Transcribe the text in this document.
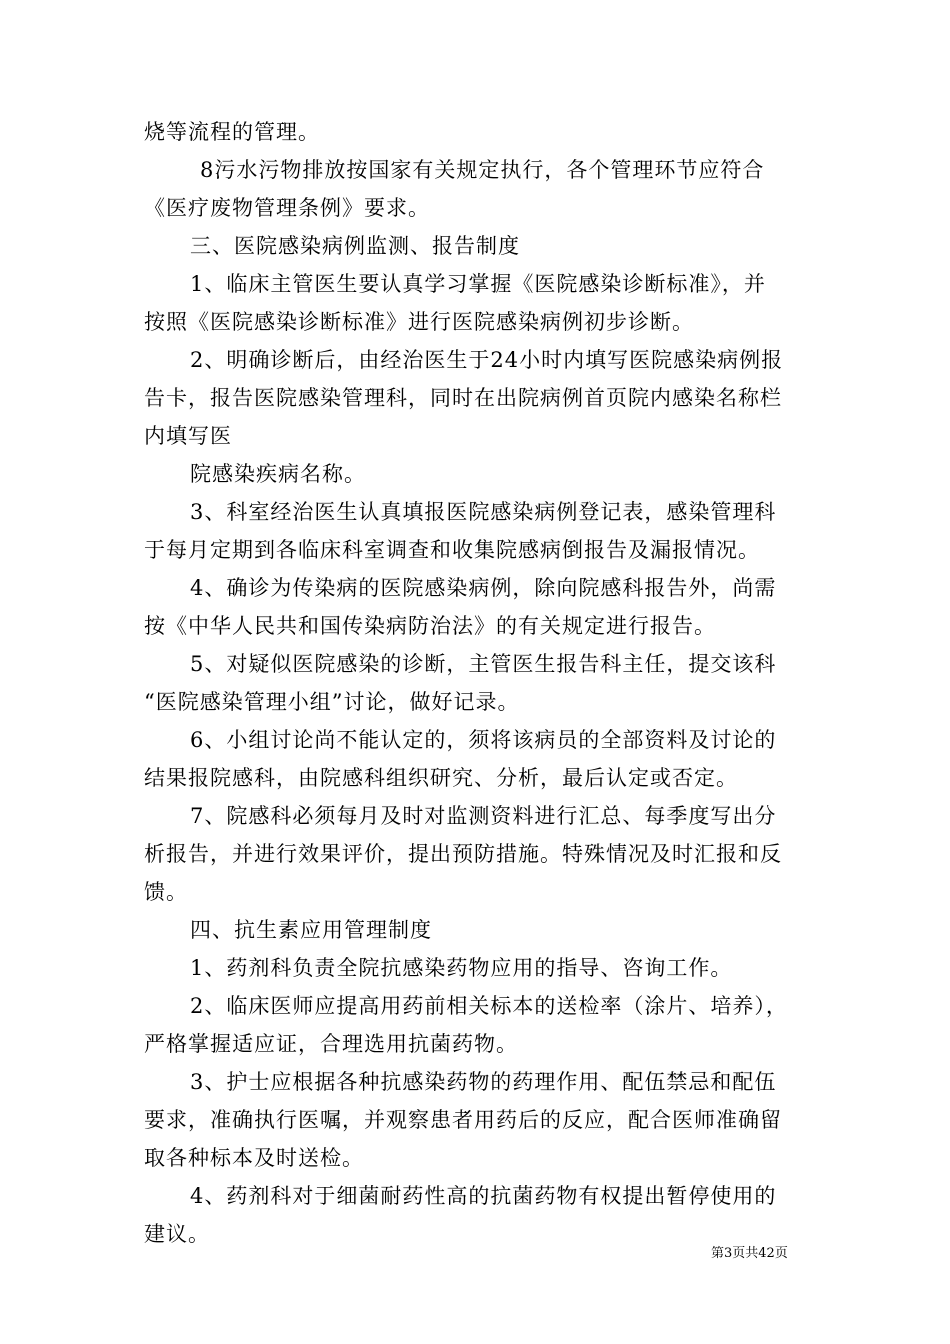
烧等流程的管理。
8污水污物排放按国家有关规定执行，各个管理环节应符合
《医疗废物管理条例》要求。
三、医院感染病例监测、报告制度
1、临床主管医生要认真学习掌握《医院感染诊断标准》，并
按照《医院感染诊断标准》进行医院感染病例初步诊断。
2、明确诊断后，由经治医生于24小时内填写医院感染病例报
告卡，报告医院感染管理科，同时在出院病例首页院内感染名称栏
内填写医
院感染疾病名称。
3、科室经治医生认真填报医院感染病例登记表，感染管理科
于每月定期到各临床科室调查和收集院感病倒报告及漏报情况。
4、确诊为传染病的医院感染病例，除向院感科报告外，尚需
按《中华人民共和国传染病防治法》的有关规定进行报告。
5、对疑似医院感染的诊断，主管医生报告科主任，提交该科
“医院感染管理小组”讨论，做好记录。
6、小组讨论尚不能认定的，须将该病员的全部资料及讨论的
结果报院感科，由院感科组织研究、分析，最后认定或否定。
7、院感科必须每月及时对监测资料进行汇总、每季度写出分
析报告，并进行效果评价，提出预防措施。特殊情况及时汇报和反
馈。
四、抗生素应用管理制度
1、药剂科负责全院抗感染药物应用的指导、咨询工作。
2、临床医师应提高用药前相关标本的送检率（涂片、培养），
严格掌握适应证，合理选用抗菌药物。
3、护士应根据各种抗感染药物的药理作用、配伍禁忌和配伍
要求，准确执行医嘱，并观察患者用药后的反应，配合医师准确留
取各种标本及时送检。
4、药剂科对于细菌耐药性高的抗菌药物有权提出暂停使用的
建议。
第3页共42页
